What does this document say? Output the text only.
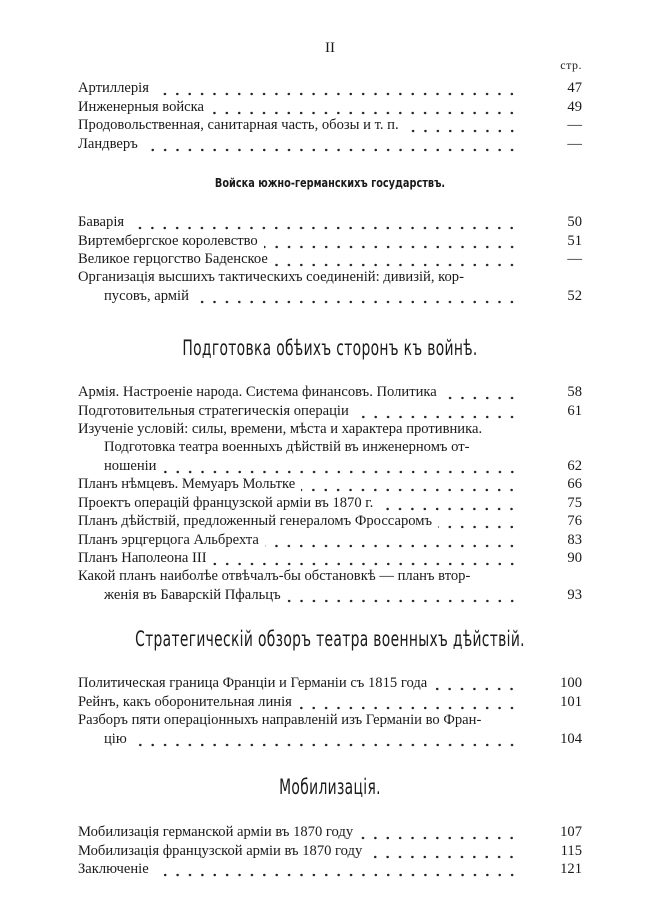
II
стр.
Артиллерія	47
Инженерныя войска	49
Продовольственная, санитарная часть, обозы и т. п.	—
Ландверъ	—
Войска южно-германскихъ государствъ.
Баварія	50
Виртембергское королевство	51
Великое герцогство Баденское	—
Организація высшихъ тактическихъ соединеній: дивизій, кор-
пусовъ, армій	52
Подготовка обѣихъ сторонъ къ войнѣ.
Армія. Настроеніе народа. Система финансовъ. Политика	58
Подготовительныя стратегическія операціи	61
Изученіе условій: силы, времени, мѣста и характера противника.
Подготовка театра военныхъ дѣйствій въ инженерномъ от-
ношеніи	62
Планъ нѣмцевъ. Мемуаръ Мольтке	66
Проектъ операцій французской арміи въ 1870 г.	75
Планъ дѣйствій, предложенный генераломъ Фроссаромъ	76
Планъ эрцгерцога Альбрехта	83
Планъ Наполеона III	90
Какой планъ наиболѣе отвѣчалъ-бы обстановкѣ — планъ втор-
женія въ Баварскій Пфальцъ	93
Стратегическій обзоръ театра военныхъ дѣйствій.
Политическая граница Франціи и Германіи съ 1815 года	100
Рейнъ, какъ оборонительная линія	101
Разборъ пяти операціонныхъ направленій изъ Германіи во Фран-
цію	104
Мобилизація.
Мобилизація германской арміи въ 1870 году	107
Мобилизація французской арміи въ 1870 году	115
Заключеніе	121
